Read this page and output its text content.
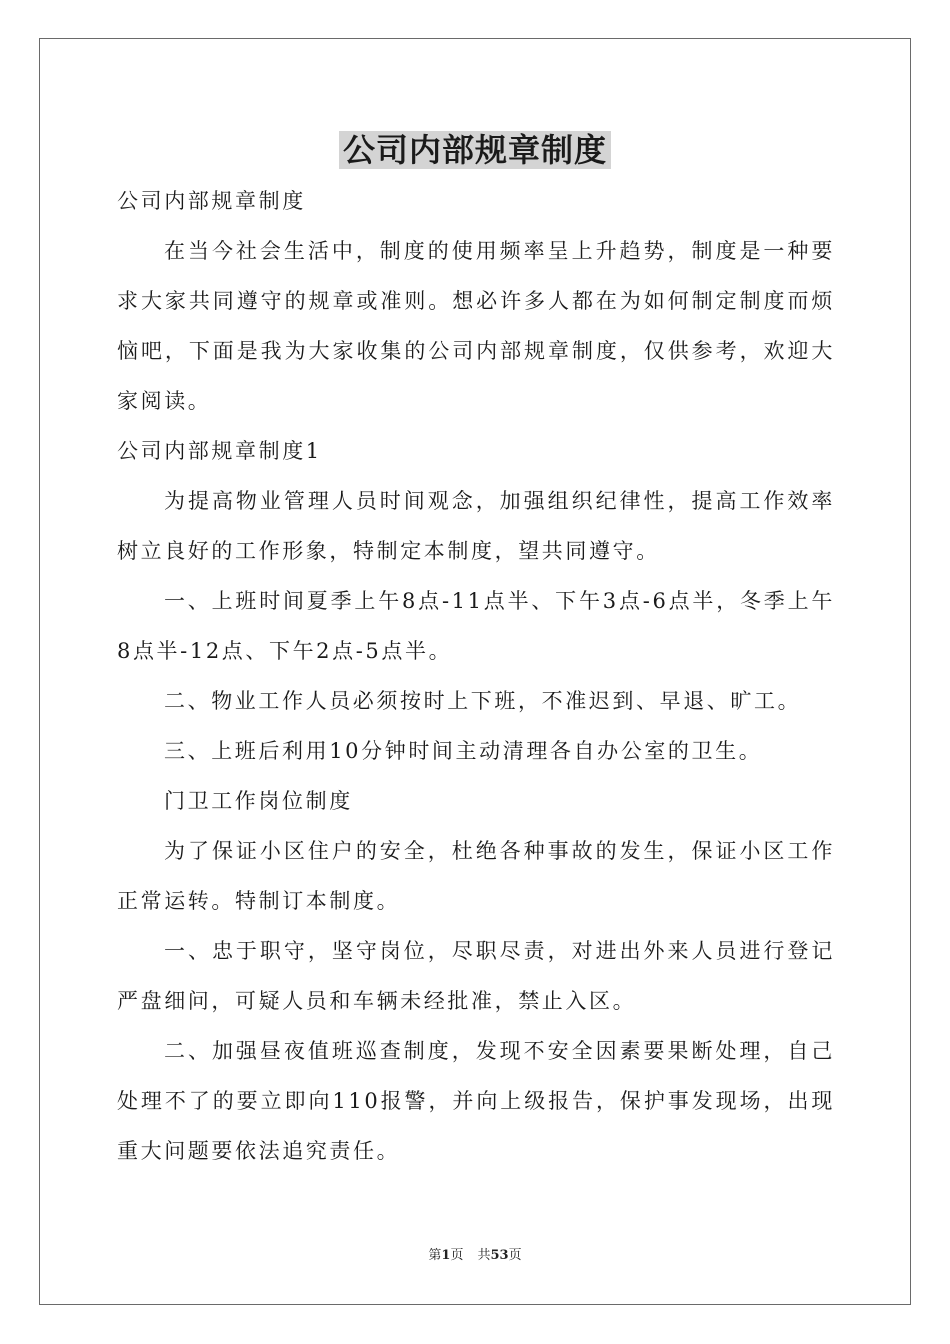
公司内部规章制度

公司内部规章制度

在当今社会生活中，制度的使用频率呈上升趋势，制度是一种要求大家共同遵守的规章或准则。想必许多人都在为如何制定制度而烦恼吧，下面是我为大家收集的公司内部规章制度，仅供参考，欢迎大家阅读。

公司内部规章制度1

为提高物业管理人员时间观念，加强组织纪律性，提高工作效率树立良好的工作形象，特制定本制度，望共同遵守。

一、上班时间夏季上午8点-11点半、下午3点-6点半，冬季上午8点半-12点、下午2点-5点半。

二、物业工作人员必须按时上下班，不准迟到、早退、旷工。

三、上班后利用10分钟时间主动清理各自办公室的卫生。

门卫工作岗位制度

为了保证小区住户的安全，杜绝各种事故的发生，保证小区工作正常运转。特制订本制度。

一、忠于职守，坚守岗位，尽职尽责，对进出外来人员进行登记严盘细问，可疑人员和车辆未经批准，禁止入区。

二、加强昼夜值班巡查制度，发现不安全因素要果断处理，自己处理不了的要立即向110报警，并向上级报告，保护事发现场，出现重大问题要依法追究责任。

第1页 共53页
